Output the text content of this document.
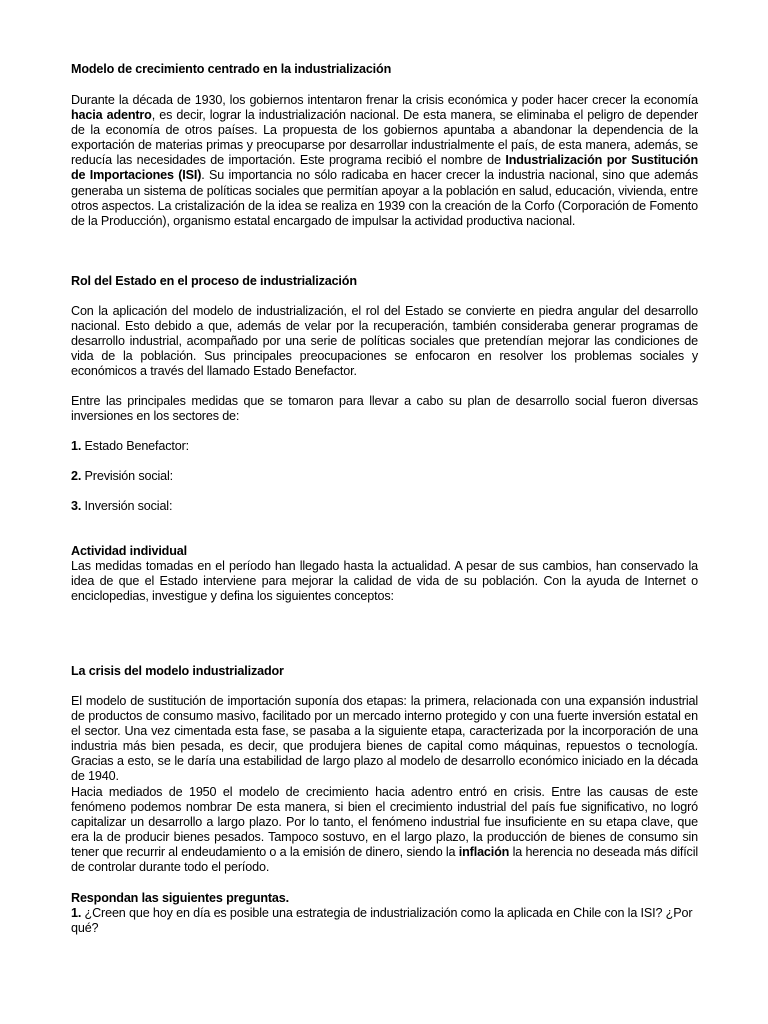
Modelo de crecimiento centrado en la industrialización

Durante la década de 1930, los gobiernos intentaron frenar la crisis económica y poder hacer crecer la economía hacia adentro, es decir, lograr la industrialización nacional. De esta manera, se eliminaba el peligro de depender de la economía de otros países. La propuesta de los gobiernos apuntaba a abandonar la dependencia de la exportación de materias primas y preocuparse por desarrollar industrialmente el país, de esta manera, además, se reducía las necesidades de importación. Este programa recibió el nombre de Industrialización por Sustitución de Importaciones (ISI). Su importancia no sólo radicaba en hacer crecer la industria nacional, sino que además generaba un sistema de políticas sociales que permitían apoyar a la población en salud, educación, vivienda, entre otros aspectos. La cristalización de la idea se realiza en 1939 con la creación de la Corfo (Corporación de Fomento de la Producción), organismo estatal encargado de impulsar la actividad productiva nacional.

Rol del Estado en el proceso de industrialización

Con la aplicación del modelo de industrialización, el rol del Estado se convierte en piedra angular del desarrollo nacional. Esto debido a que, además de velar por la recuperación, también consideraba generar programas de desarrollo industrial, acompañado por una serie de políticas sociales que pretendían mejorar las condiciones de vida de la población. Sus principales preocupaciones se enfocaron en resolver los problemas sociales y económicos a través del llamado Estado Benefactor.

Entre las principales medidas que se tomaron para llevar a cabo su plan de desarrollo social fueron diversas inversiones en los sectores de:

1. Estado Benefactor:

2. Previsión social:

3. Inversión social:

Actividad individual

Las medidas tomadas en el período han llegado hasta la actualidad. A pesar de sus cambios, han conservado la idea de que el Estado interviene para mejorar la calidad de vida de su población. Con la ayuda de Internet o enciclopedias, investigue y defina los siguientes conceptos:

La crisis del modelo industrializador

El modelo de sustitución de importación suponía dos etapas: la primera, relacionada con una expansión industrial de productos de consumo masivo, facilitado por un mercado interno protegido y con una fuerte inversión estatal en el sector. Una vez cimentada esta fase, se pasaba a la siguiente etapa, caracterizada por la incorporación de una industria más bien pesada, es decir, que produjera bienes de capital como máquinas, repuestos o tecnología. Gracias a esto, se le daría una estabilidad de largo plazo al modelo de desarrollo económico iniciado en la década de 1940.

Hacia mediados de 1950 el modelo de crecimiento hacia adentro entró en crisis. Entre las causas de este fenómeno podemos nombrar De esta manera, si bien el crecimiento industrial del país fue significativo, no logró capitalizar un desarrollo a largo plazo. Por lo tanto, el fenómeno industrial fue insuficiente en su etapa clave, que era la de producir bienes pesados. Tampoco sostuvo, en el largo plazo, la producción de bienes de consumo sin tener que recurrir al endeudamiento o a la emisión de dinero, siendo la inflación la herencia no deseada más difícil de controlar durante todo el período.

Respondan las siguientes preguntas.

1. ¿Creen que hoy en día es posible una estrategia de industrialización como la aplicada en Chile con la ISI? ¿Por qué?
